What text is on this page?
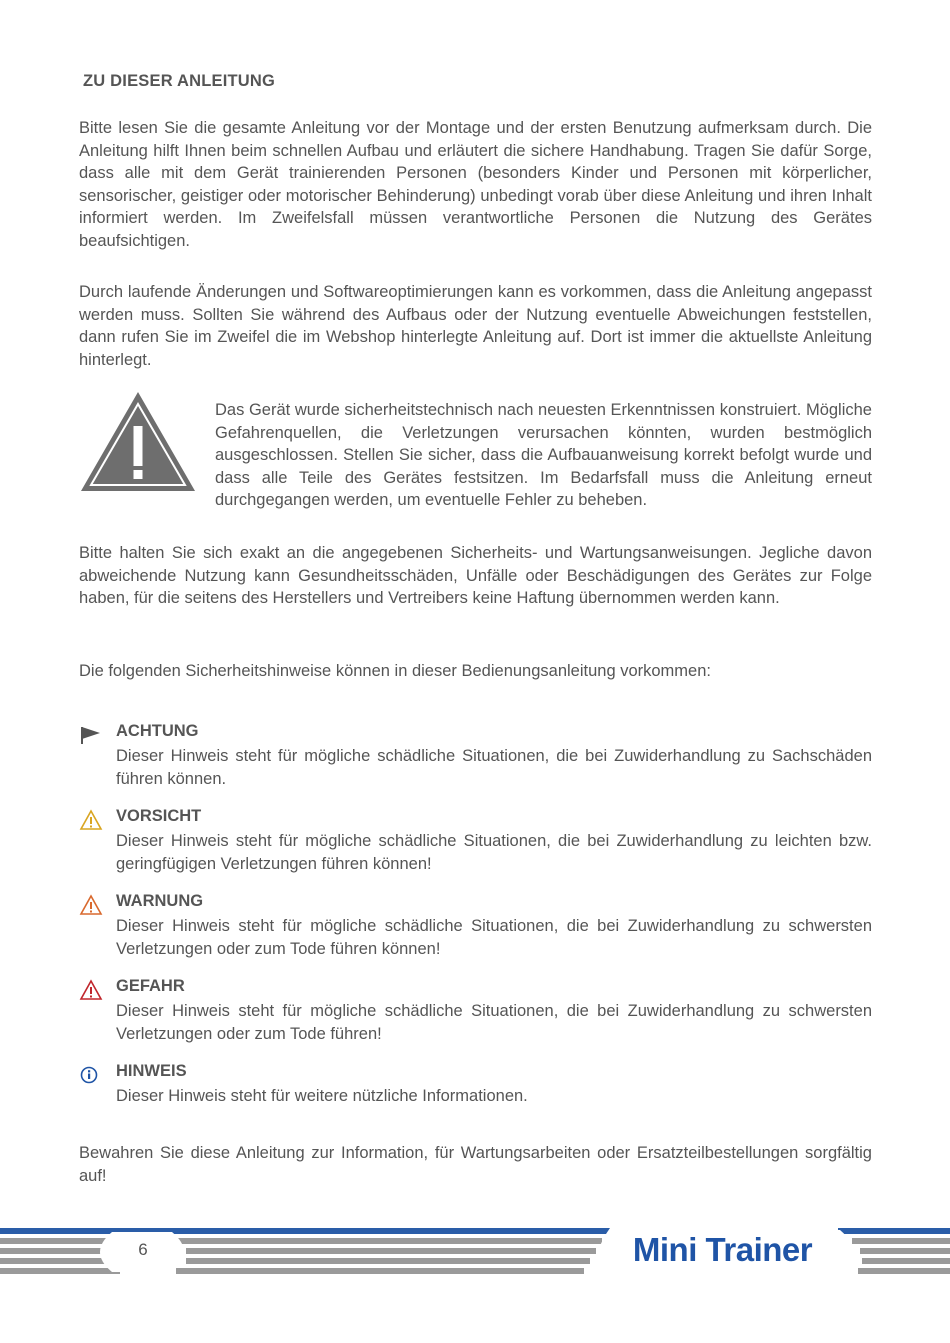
ZU DIESER ANLEITUNG

Bitte lesen Sie die gesamte Anleitung vor der Montage und der ersten Benutzung aufmerksam durch. Die Anleitung hilft Ihnen beim schnellen Aufbau und erläutert die sichere Handhabung. Tragen Sie dafür Sorge, dass alle mit dem Gerät trainierenden Personen (besonders Kinder und Personen mit körperlicher, sensorischer, geistiger oder motorischer Behinderung) unbedingt vorab über diese Anleitung und ihren Inhalt informiert werden. Im Zweifelsfall müssen verantwortliche Personen die Nutzung des Gerätes beaufsichtigen.

Durch laufende Änderungen und Softwareoptimierungen kann es vorkommen, dass die Anleitung angepasst werden muss. Sollten Sie während des Aufbaus oder der Nutzung eventuelle Abweichungen feststellen, dann rufen Sie im Zweifel die im Webshop hinterlegte Anleitung auf. Dort ist immer die aktuellste Anleitung hinterlegt.

Das Gerät wurde sicherheitstechnisch nach neuesten Erkenntnissen konstruiert. Mögliche Gefahrenquellen, die Verletzungen verursachen könnten, wurden bestmöglich ausgeschlossen. Stellen Sie sicher, dass die Aufbauanweisung korrekt befolgt wurde und dass alle Teile des Gerätes festsitzen. Im Bedarfsfall muss die Anleitung erneut durchgegangen werden, um eventuelle Fehler zu beheben.

Bitte halten Sie sich exakt an die angegebenen Sicherheits- und Wartungsanweisungen. Jegliche davon abweichende Nutzung kann Gesundheitsschäden, Unfälle oder Beschädigungen des Gerätes zur Folge haben, für die seitens des Herstellers und Vertreibers keine Haftung übernommen werden kann.

Die folgenden Sicherheitshinweise können in dieser Bedienungsanleitung vorkommen:

ACHTUNG

Dieser Hinweis steht für mögliche schädliche Situationen, die bei Zuwiderhandlung zu Sachschäden führen können.

VORSICHT

Dieser Hinweis steht für mögliche schädliche Situationen, die bei Zuwiderhandlung zu leichten bzw. geringfügigen Verletzungen führen können!

WARNUNG

Dieser Hinweis steht für mögliche schädliche Situationen, die bei Zuwiderhandlung zu schwersten Verletzungen oder zum Tode führen können!

GEFAHR

Dieser Hinweis steht für mögliche schädliche Situationen, die bei Zuwiderhandlung zu schwersten Verletzungen oder zum Tode führen!

HINWEIS

Dieser Hinweis steht für weitere nützliche Informationen.

Bewahren Sie diese Anleitung zur Information, für Wartungsarbeiten oder Ersatzteilbestellungen sorgfältig auf!

6	Mini Trainer
